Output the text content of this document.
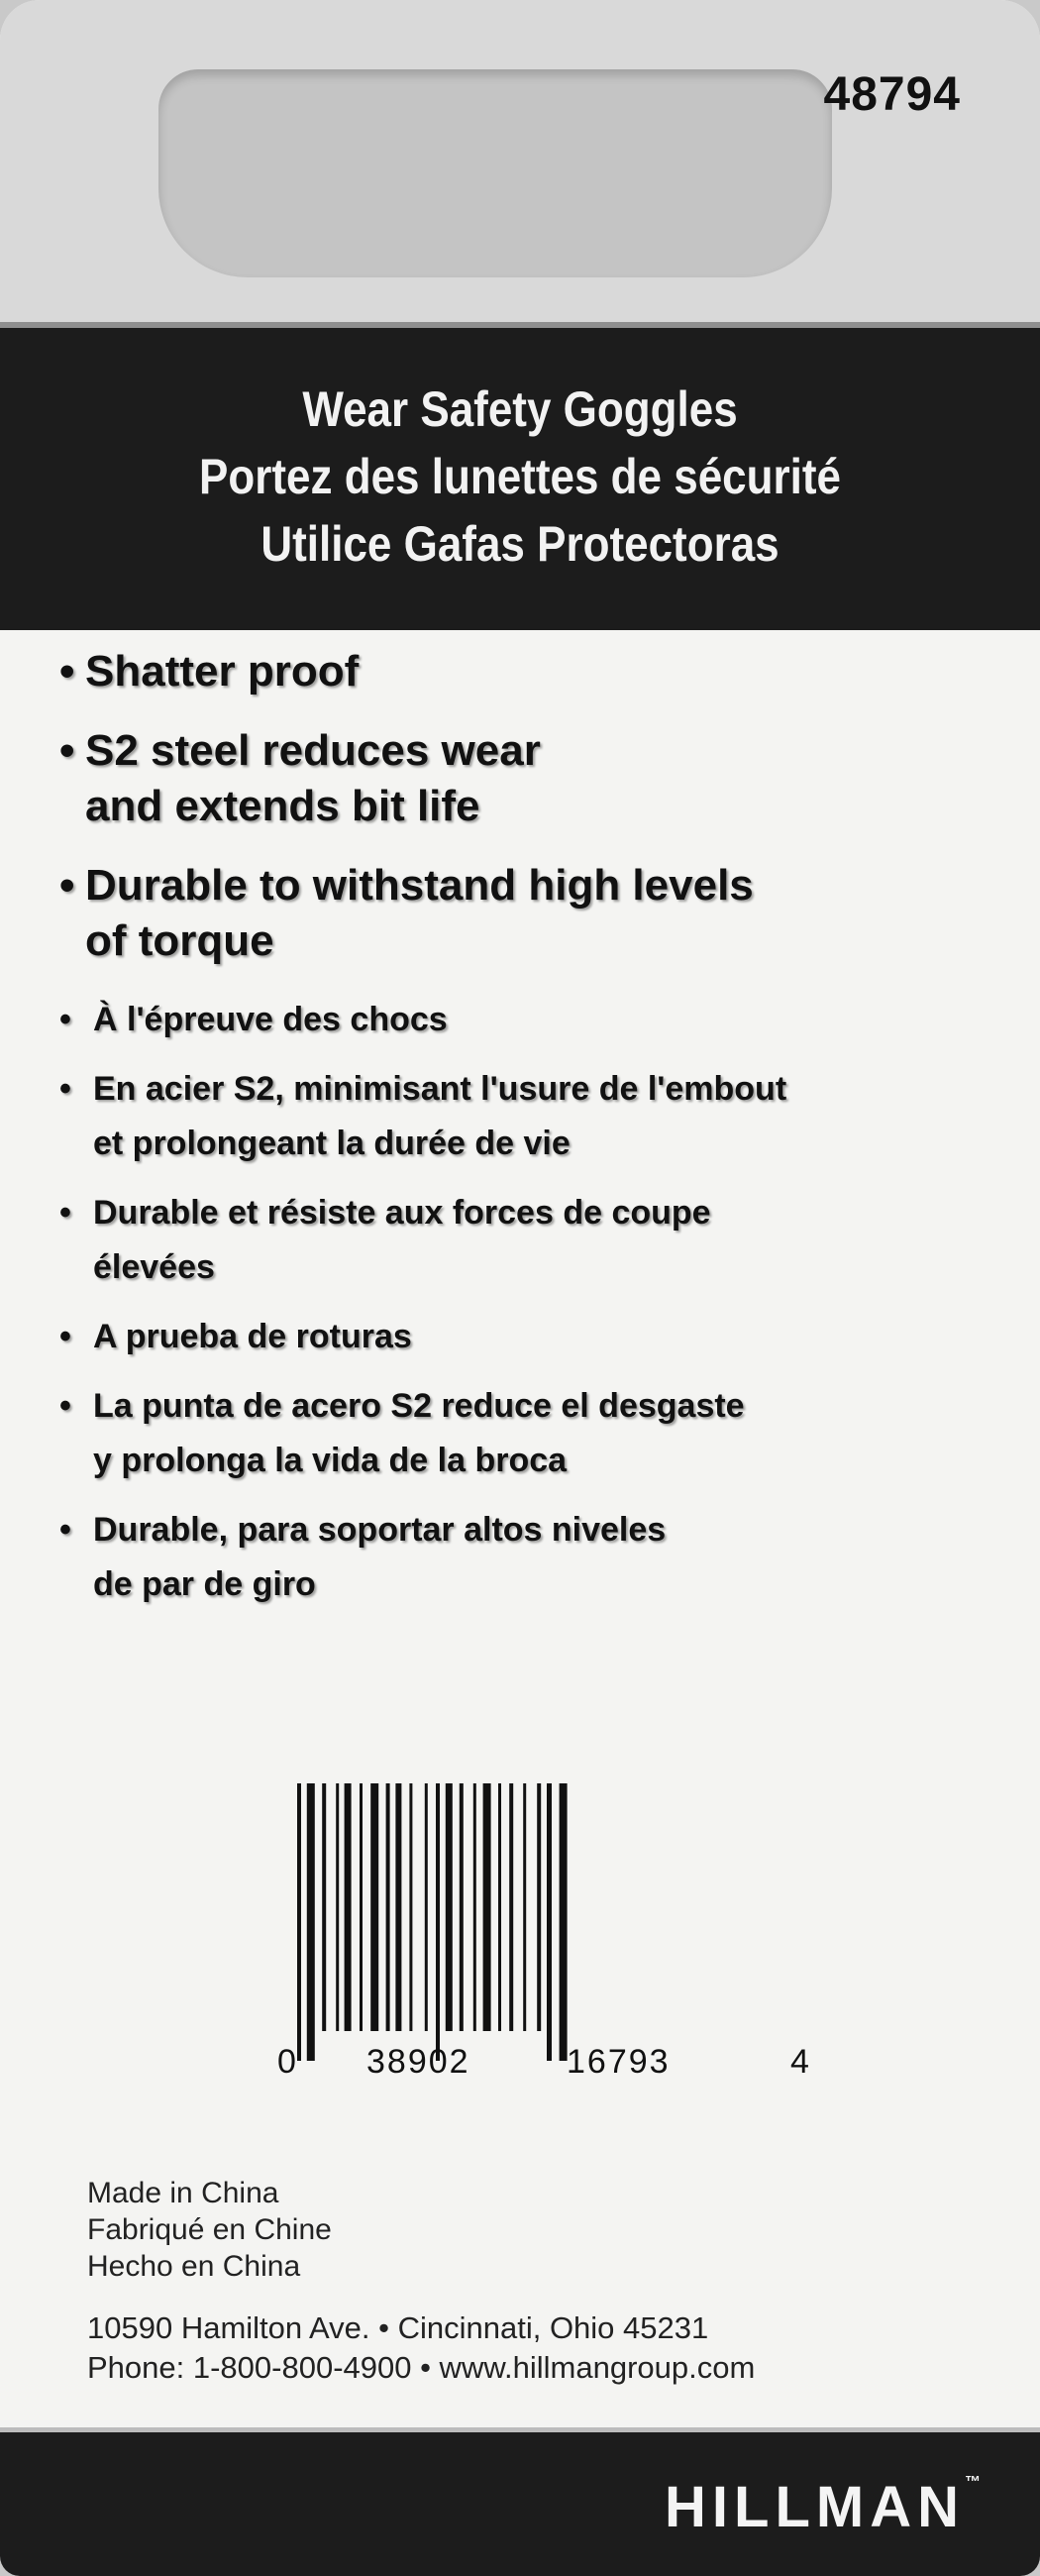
48794
Wear Safety Goggles
Portez des lunettes de sécurité
Utilice Gafas Protectoras
• Shatter proof
• S2 steel reduces wear
and extends bit life
• Durable to withstand high levels
of torque
• À l'épreuve des chocs
• En acier S2, minimisant l'usure de l'embout
et prolongeant la durée de vie
• Durable et résiste aux forces de coupe
élevées
• A prueba de roturas
• La punta de acero S2 reduce el desgaste
y prolonga la vida de la broca
• Durable, para soportar altos niveles
de par de giro
0 38902	16793	4
Made in China
Fabriqué en Chine
Hecho en China
10590 Hamilton Ave. • Cincinnati, Ohio 45231
Phone: 1-800-800-4900 • www.hillmangroup.com
HILLMAN™
